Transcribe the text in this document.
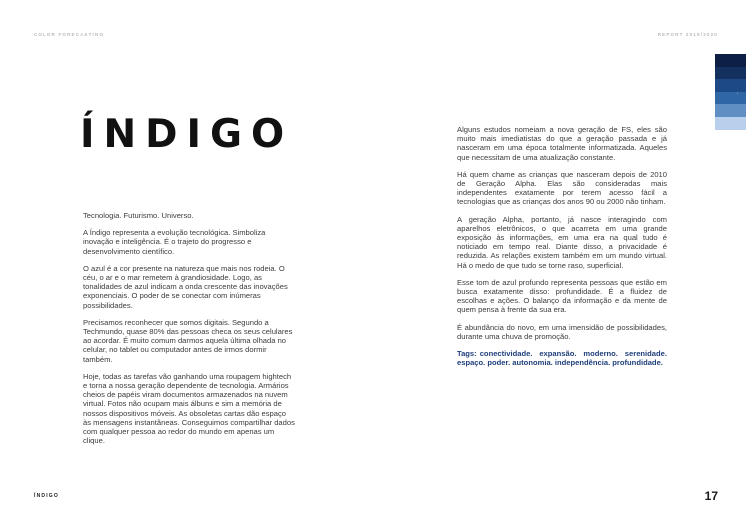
COLOR FORECASTING	REPORT 2019/2020
▪
ÍNDIGO

Tecnologia. Futurismo. Universo.

A Índigo representa a evolução tecnológica. Simboliza inovação e inteligência. É o trajeto do progresso e desenvolvimento científico.

O azul é a cor presente na natureza que mais nos rodeia. O céu, o ar e o mar remetem à grandiosidade. Logo, as tonalidades de azul indicam a onda crescente das inovações exponenciais. O poder de se conectar com inúmeras possibilidades.

Precisamos reconhecer que somos digitais. Segundo a Techmundo, quase 80% das pessoas checa os seus celulares ao acordar. É muito comum darmos aquela última olhada no celular, no tablet ou computador antes de irmos dormir também.

Hoje, todas as tarefas vão ganhando uma roupagem hightech e torna a nossa geração dependente de tecnologia. Armários cheios de papéis viram documentos armazenados na nuvem virtual. Fotos não ocupam mais álbuns e sim a memória de nossos dispositivos móveis. As obsoletas cartas dão espaço às mensagens instantâneas. Conseguimos compartilhar dados com qualquer pessoa ao redor do mundo em apenas um clique.

Alguns estudos nomeiam a nova geração de FS, eles são muito mais imediatistas do que a geração passada e já nasceram em uma época totalmente informatizada. Aqueles que necessitam de uma atualização constante.

Há quem chame as crianças que nasceram depois de 2010 de Geração Alpha. Elas são consideradas mais independentes exatamente por terem acesso fácil a tecnologias que as crianças dos anos 90 ou 2000 não tinham.

A geração Alpha, portanto, já nasce interagindo com aparelhos eletrônicos, o que acarreta em uma grande exposição às informações, em uma era na qual tudo é noticiado em tempo real. Diante disso, a privacidade é reduzida. As relações existem também em um mundo virtual. Há o medo de que tudo se torne raso, superficial.

Esse tom de azul profundo representa pessoas que estão em busca exatamente disso: profundidade. É a fluidez de escolhas e ações. O balanço da informação e da mente de quem pensa à frente da sua era.

É abundância do novo, em uma imensidão de possibilidades, durante uma chuva de promoção.

Tags: conectividade. expansão. moderno. serenidade. espaço. poder. autonomia. independência. profundidade.

ÍNDIGO	17
